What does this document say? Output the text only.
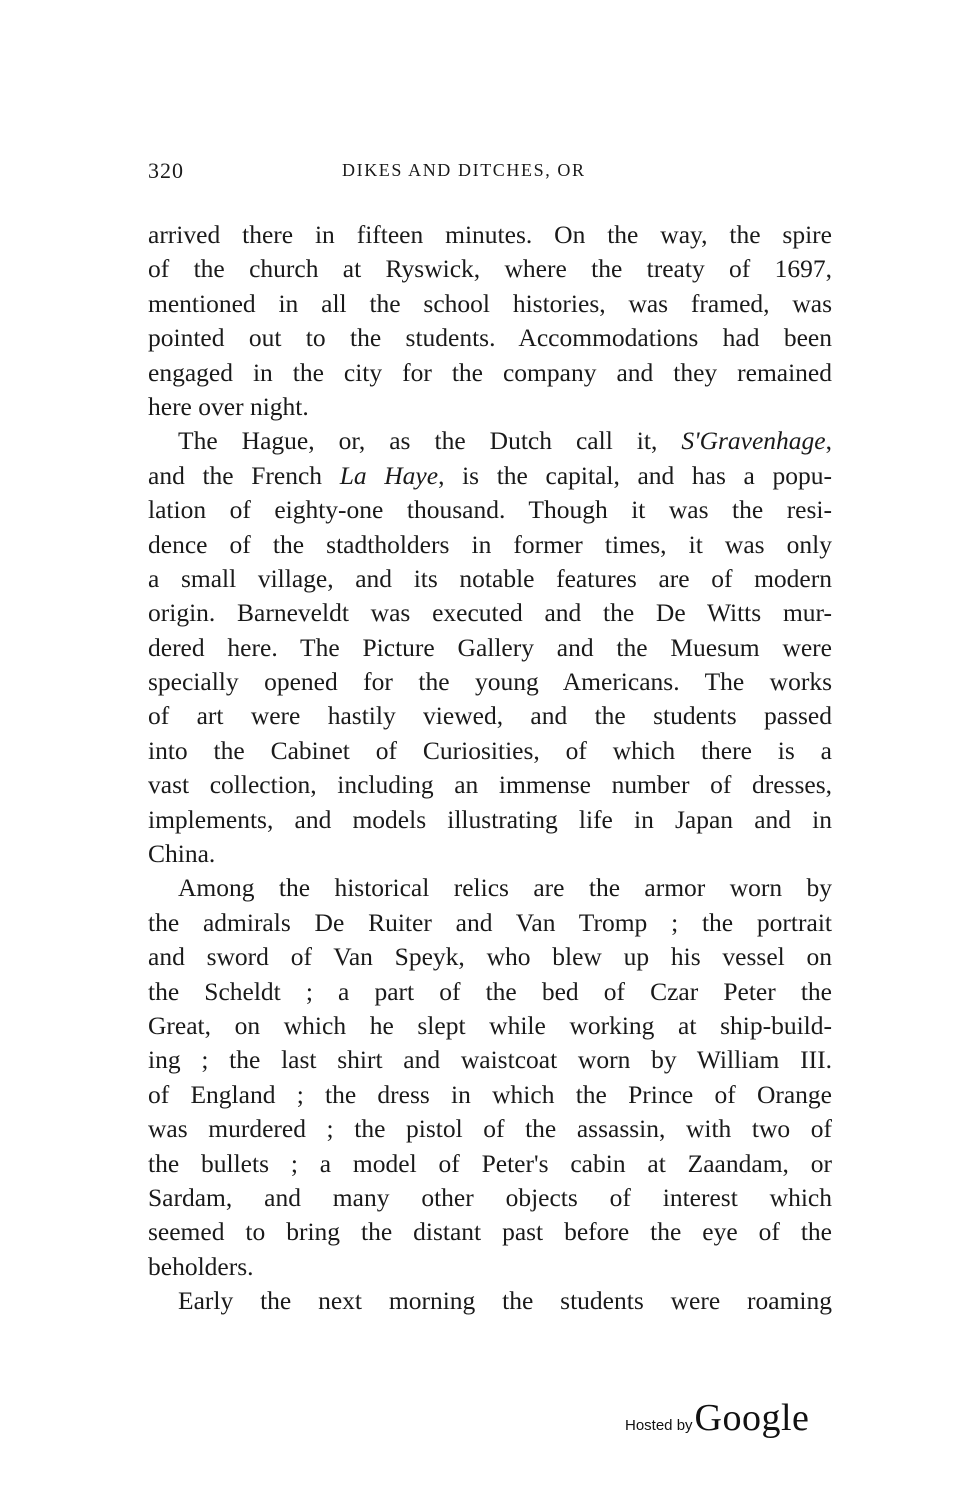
320	DIKES AND DITCHES, OR
arrived there in fifteen minutes. On the way, the spire
of the church at Ryswick, where the treaty of 1697,
mentioned in all the school histories, was framed, was
pointed out to the students. Accommodations had been
engaged in the city for the company and they remained
here over night.
The Hague, or, as the Dutch call it, S'Gravenhage,
and the French La Haye, is the capital, and has a popu-
lation of eighty-one thousand. Though it was the resi-
dence of the stadtholders in former times, it was only
a small village, and its notable features are of modern
origin. Barneveldt was executed and the De Witts mur-
dered here. The Picture Gallery and the Muesum were
specially opened for the young Americans. The works
of art were hastily viewed, and the students passed
into the Cabinet of Curiosities, of which there is a
vast collection, including an immense number of dresses,
implements, and models illustrating life in Japan and in
China.
Among the historical relics are the armor worn by
the admirals De Ruiter and Van Tromp ; the portrait
and sword of Van Speyk, who blew up his vessel on
the Scheldt ; a part of the bed of Czar Peter the
Great, on which he slept while working at ship-build-
ing ; the last shirt and waistcoat worn by William III.
of England ; the dress in which the Prince of Orange
was murdered ; the pistol of the assassin, with two of
the bullets ; a model of Peter's cabin at Zaandam, or
Sardam, and many other objects of interest which
seemed to bring the distant past before the eye of the
beholders.
Early the next morning the students were roaming
Hosted by Google
